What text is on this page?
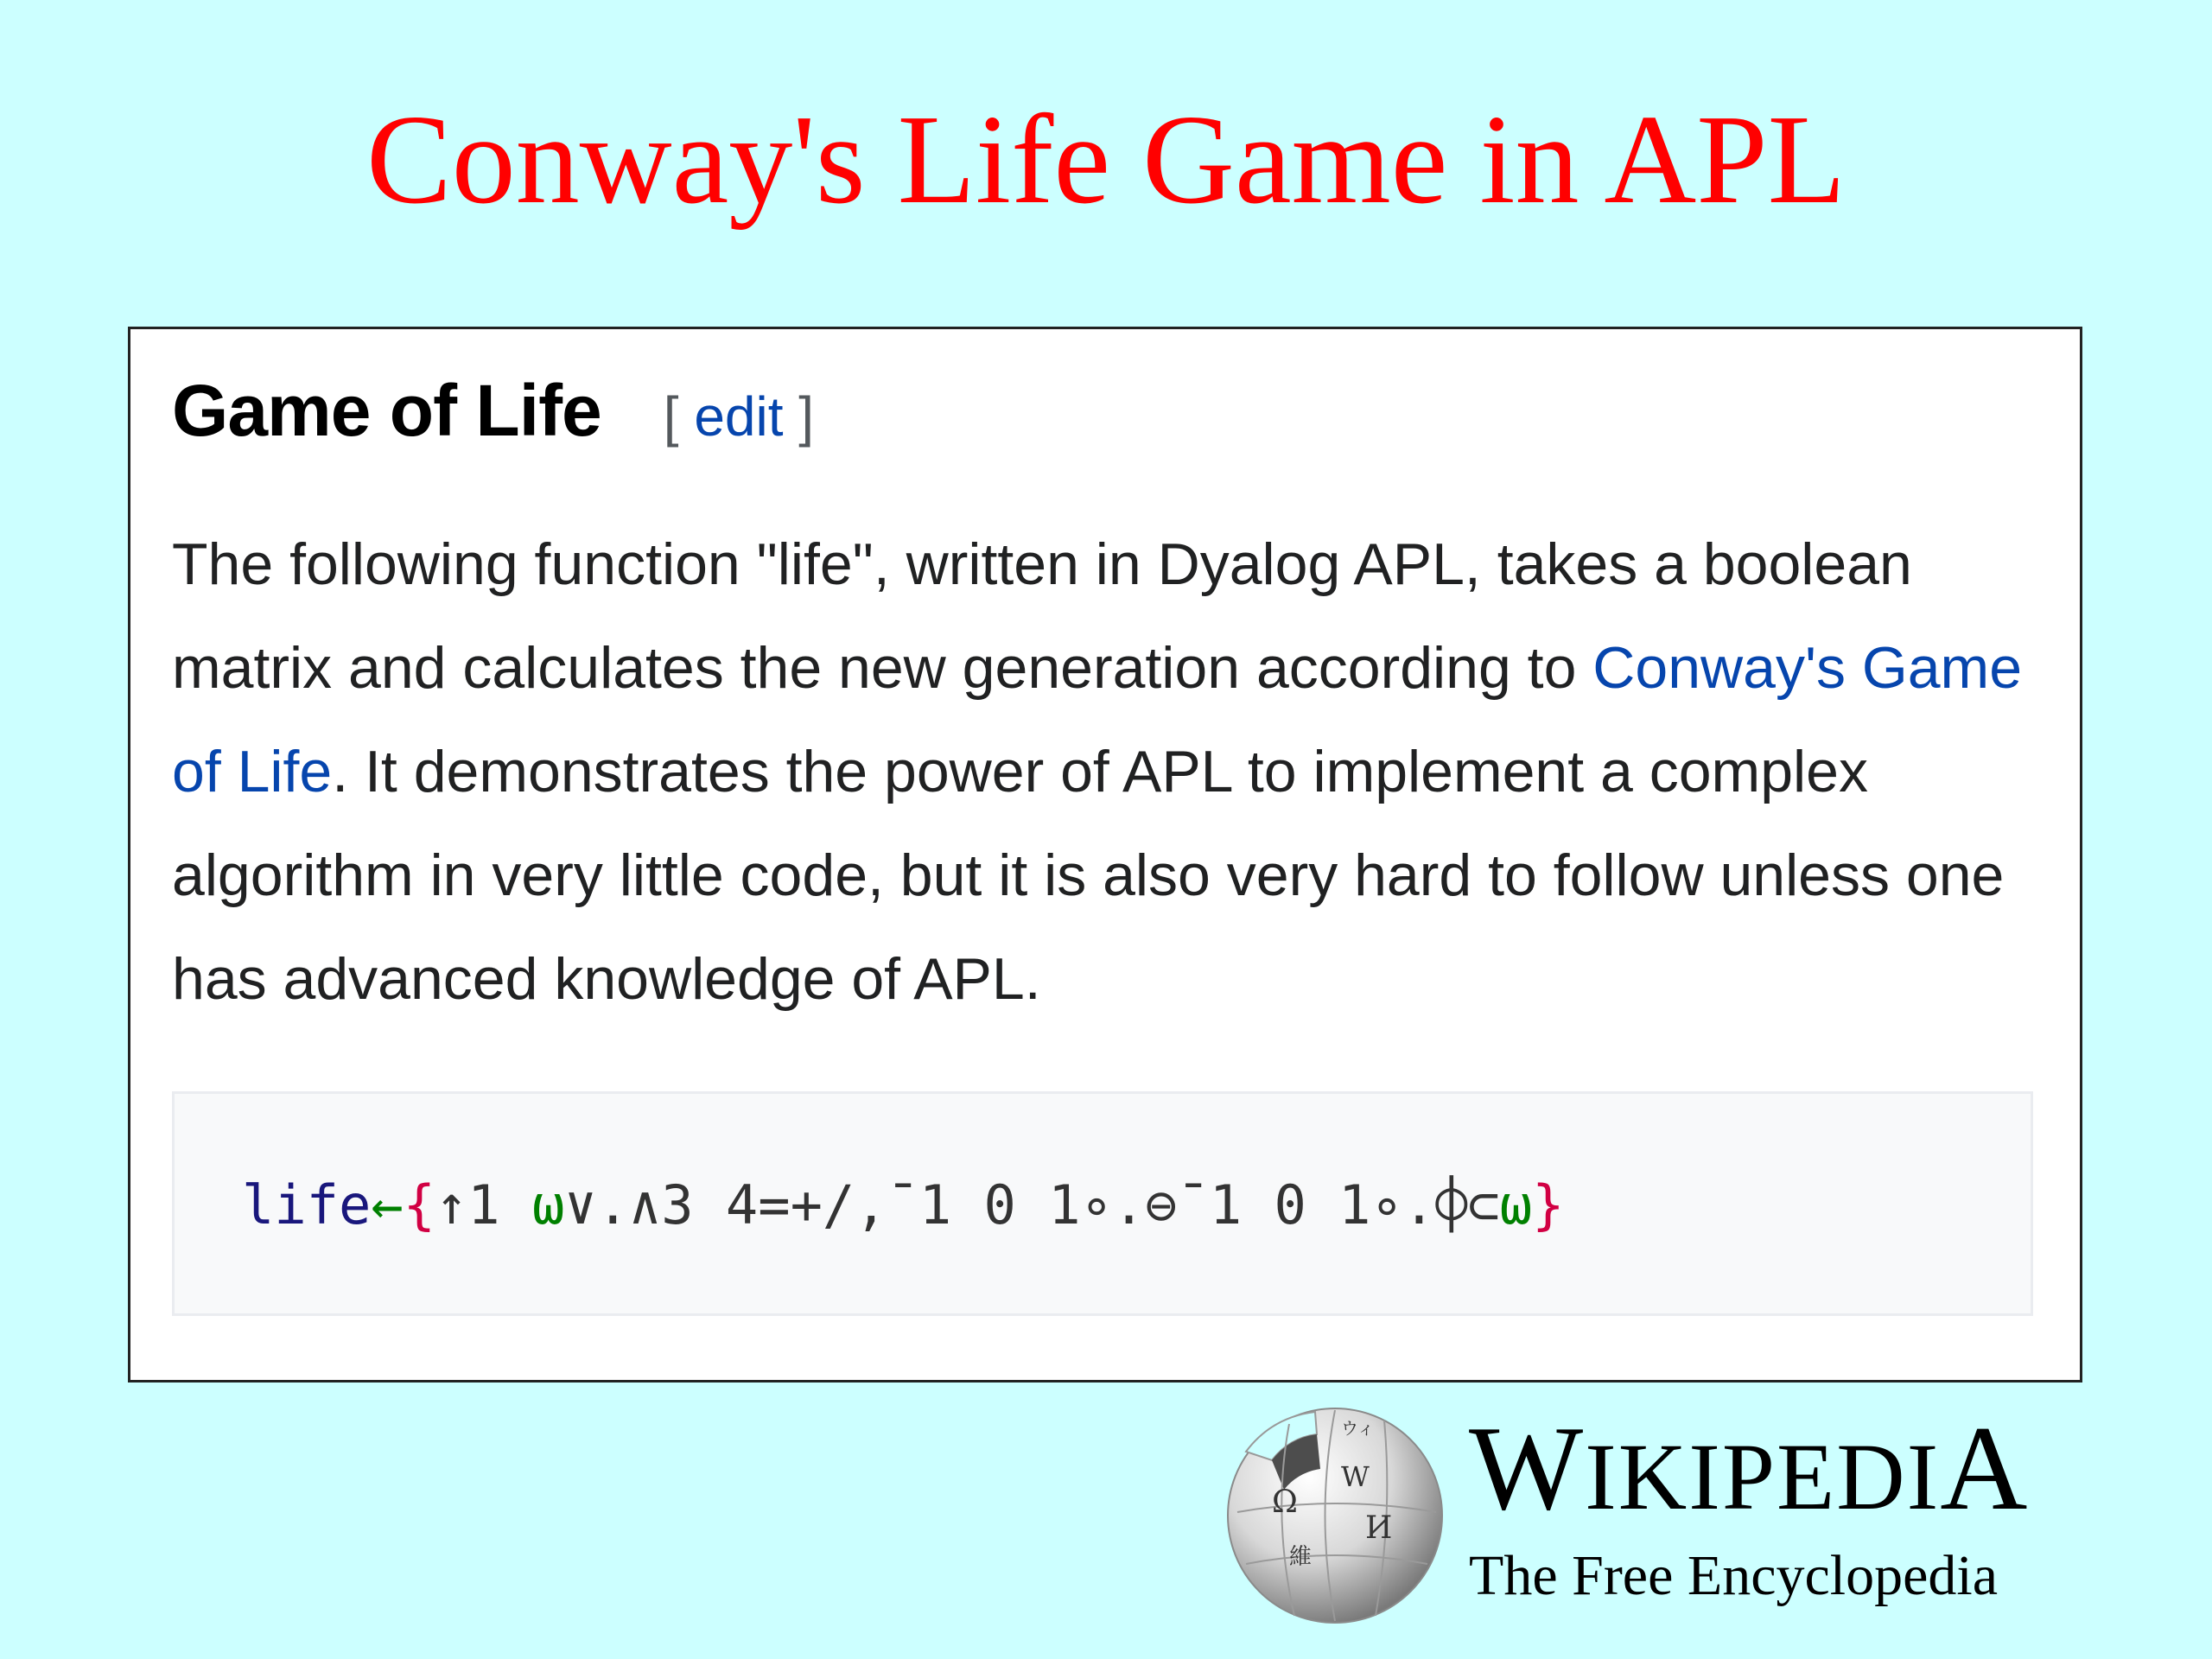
Conway's Life Game in APL
Game of Life [ edit ]

The following function "life", written in Dyalog APL, takes a boolean matrix and calculates the new generation according to Conway's Game of Life. It demonstrates the power of APL to implement a complex algorithm in very little code, but it is also very hard to follow unless one has advanced knowledge of APL.

life←{↑1 ω∨.∧3 4=+/,¯1 0 1∘.⊖¯1 0 1∘.⌽⊂ω}
Ω
W
И
維
ウィ WIKIPEDIA
The Free Encyclopedia
